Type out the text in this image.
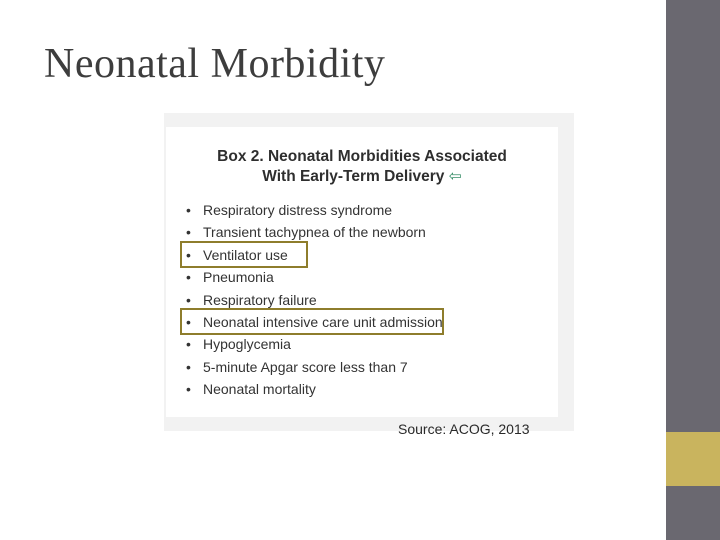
Neonatal Morbidity
Box 2. Neonatal Morbidities Associated
With Early-Term Delivery ⇦
• Respiratory distress syndrome
• Transient tachypnea of the newborn
• Ventilator use
• Pneumonia
• Respiratory failure
• Neonatal intensive care unit admission
• Hypoglycemia
• 5-minute Apgar score less than 7
• Neonatal mortality
Source: ACOG, 2013
